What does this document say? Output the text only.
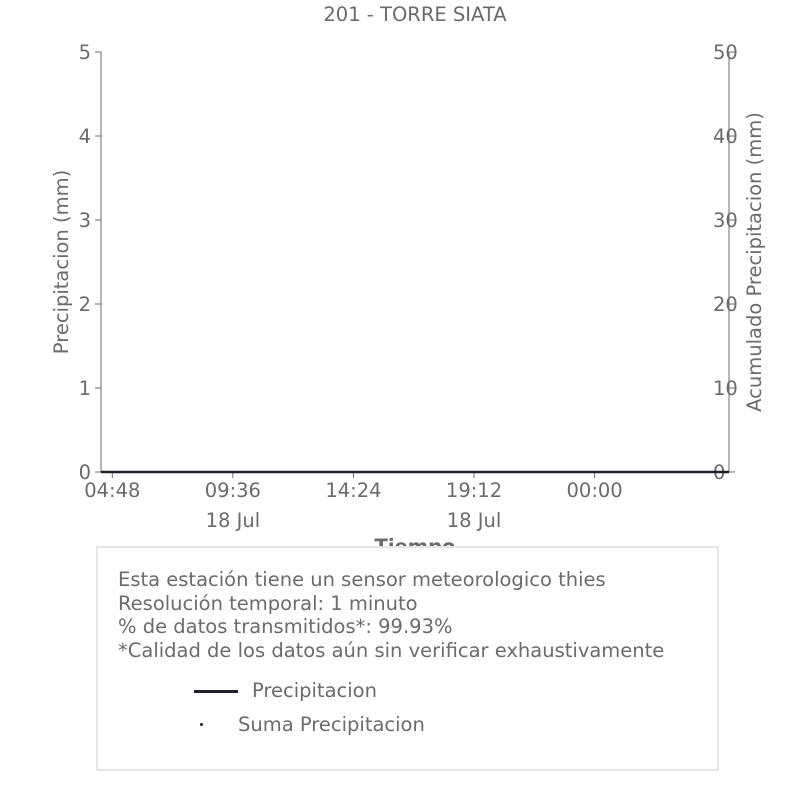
201 - TORRE SIATA
0
1
2
3
4
5
0
10
20
30
40
50
04:48	09:36
18 Jul
14:24	19:12
18 Jul
00:00
Precipitacion (mm)	Acumulado Precipitacion (mm)
Esta estación tiene un sensor meteorologico thies
Resolución temporal: 1 minuto
% de datos transmitidos*: 99.93%
*Calidad de los datos aún sin verificar exhaustivamente
Precipitacion
Suma Precipitacion
